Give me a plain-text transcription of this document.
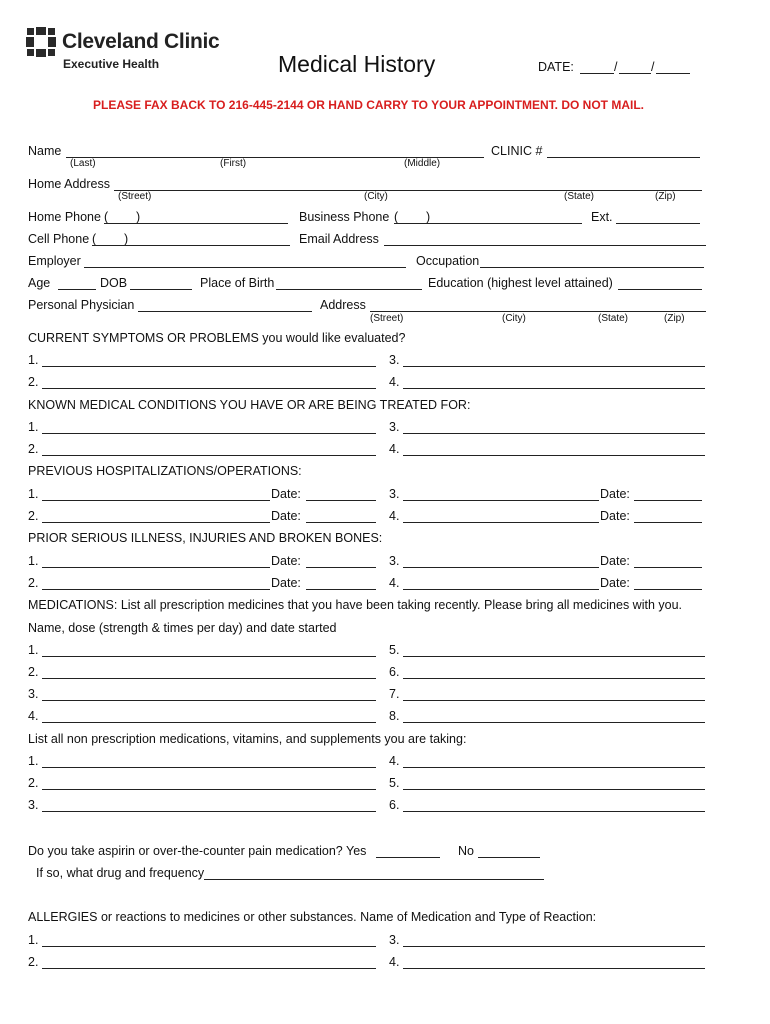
Cleveland Clinic
Executive Health	Medical History	DATE:	/	/
PLEASE FAX BACK TO 216-445-2144 OR HAND CARRY TO YOUR APPOINTMENT. DO NOT MAIL.
Name	CLINIC #
(Last)	(First)	(Middle)
Home Address
(Street)	(City)	(State)	(Zip)
Home Phone ( )	Business Phone ( )	Ext.
Cell Phone ( )	Email Address
Employer	Occupation
Age	DOB	Place of Birth	Education (highest level attained)
Personal Physician	Address
(Street)	(City)	(State)	(Zip)
CURRENT SYMPTOMS OR PROBLEMS you would like evaluated?
1.	3.
2.	4.
KNOWN MEDICAL CONDITIONS YOU HAVE OR ARE BEING TREATED FOR:
1.	3.
2.	4.
PREVIOUS HOSPITALIZATIONS/OPERATIONS:
1.	Date:	3.	Date:
2.	Date:	4.	Date:
PRIOR SERIOUS ILLNESS, INJURIES AND BROKEN BONES:
1.	Date:	3.	Date:
2.	Date:	4.	Date:
MEDICATIONS: List all prescription medicines that you have been taking recently. Please bring all medicines with you.
Name, dose (strength & times per day) and date started
1.	5.
2.	6.
3.	7.
4.	8.
List all non prescription medications, vitamins, and supplements you are taking:
1.	4.
2.	5.
3.	6.
Do you take aspirin or over-the-counter pain medication? Yes	No
If so, what drug and frequency
ALLERGIES or reactions to medicines or other substances. Name of Medication and Type of Reaction:
1.	3.
2.	4.
